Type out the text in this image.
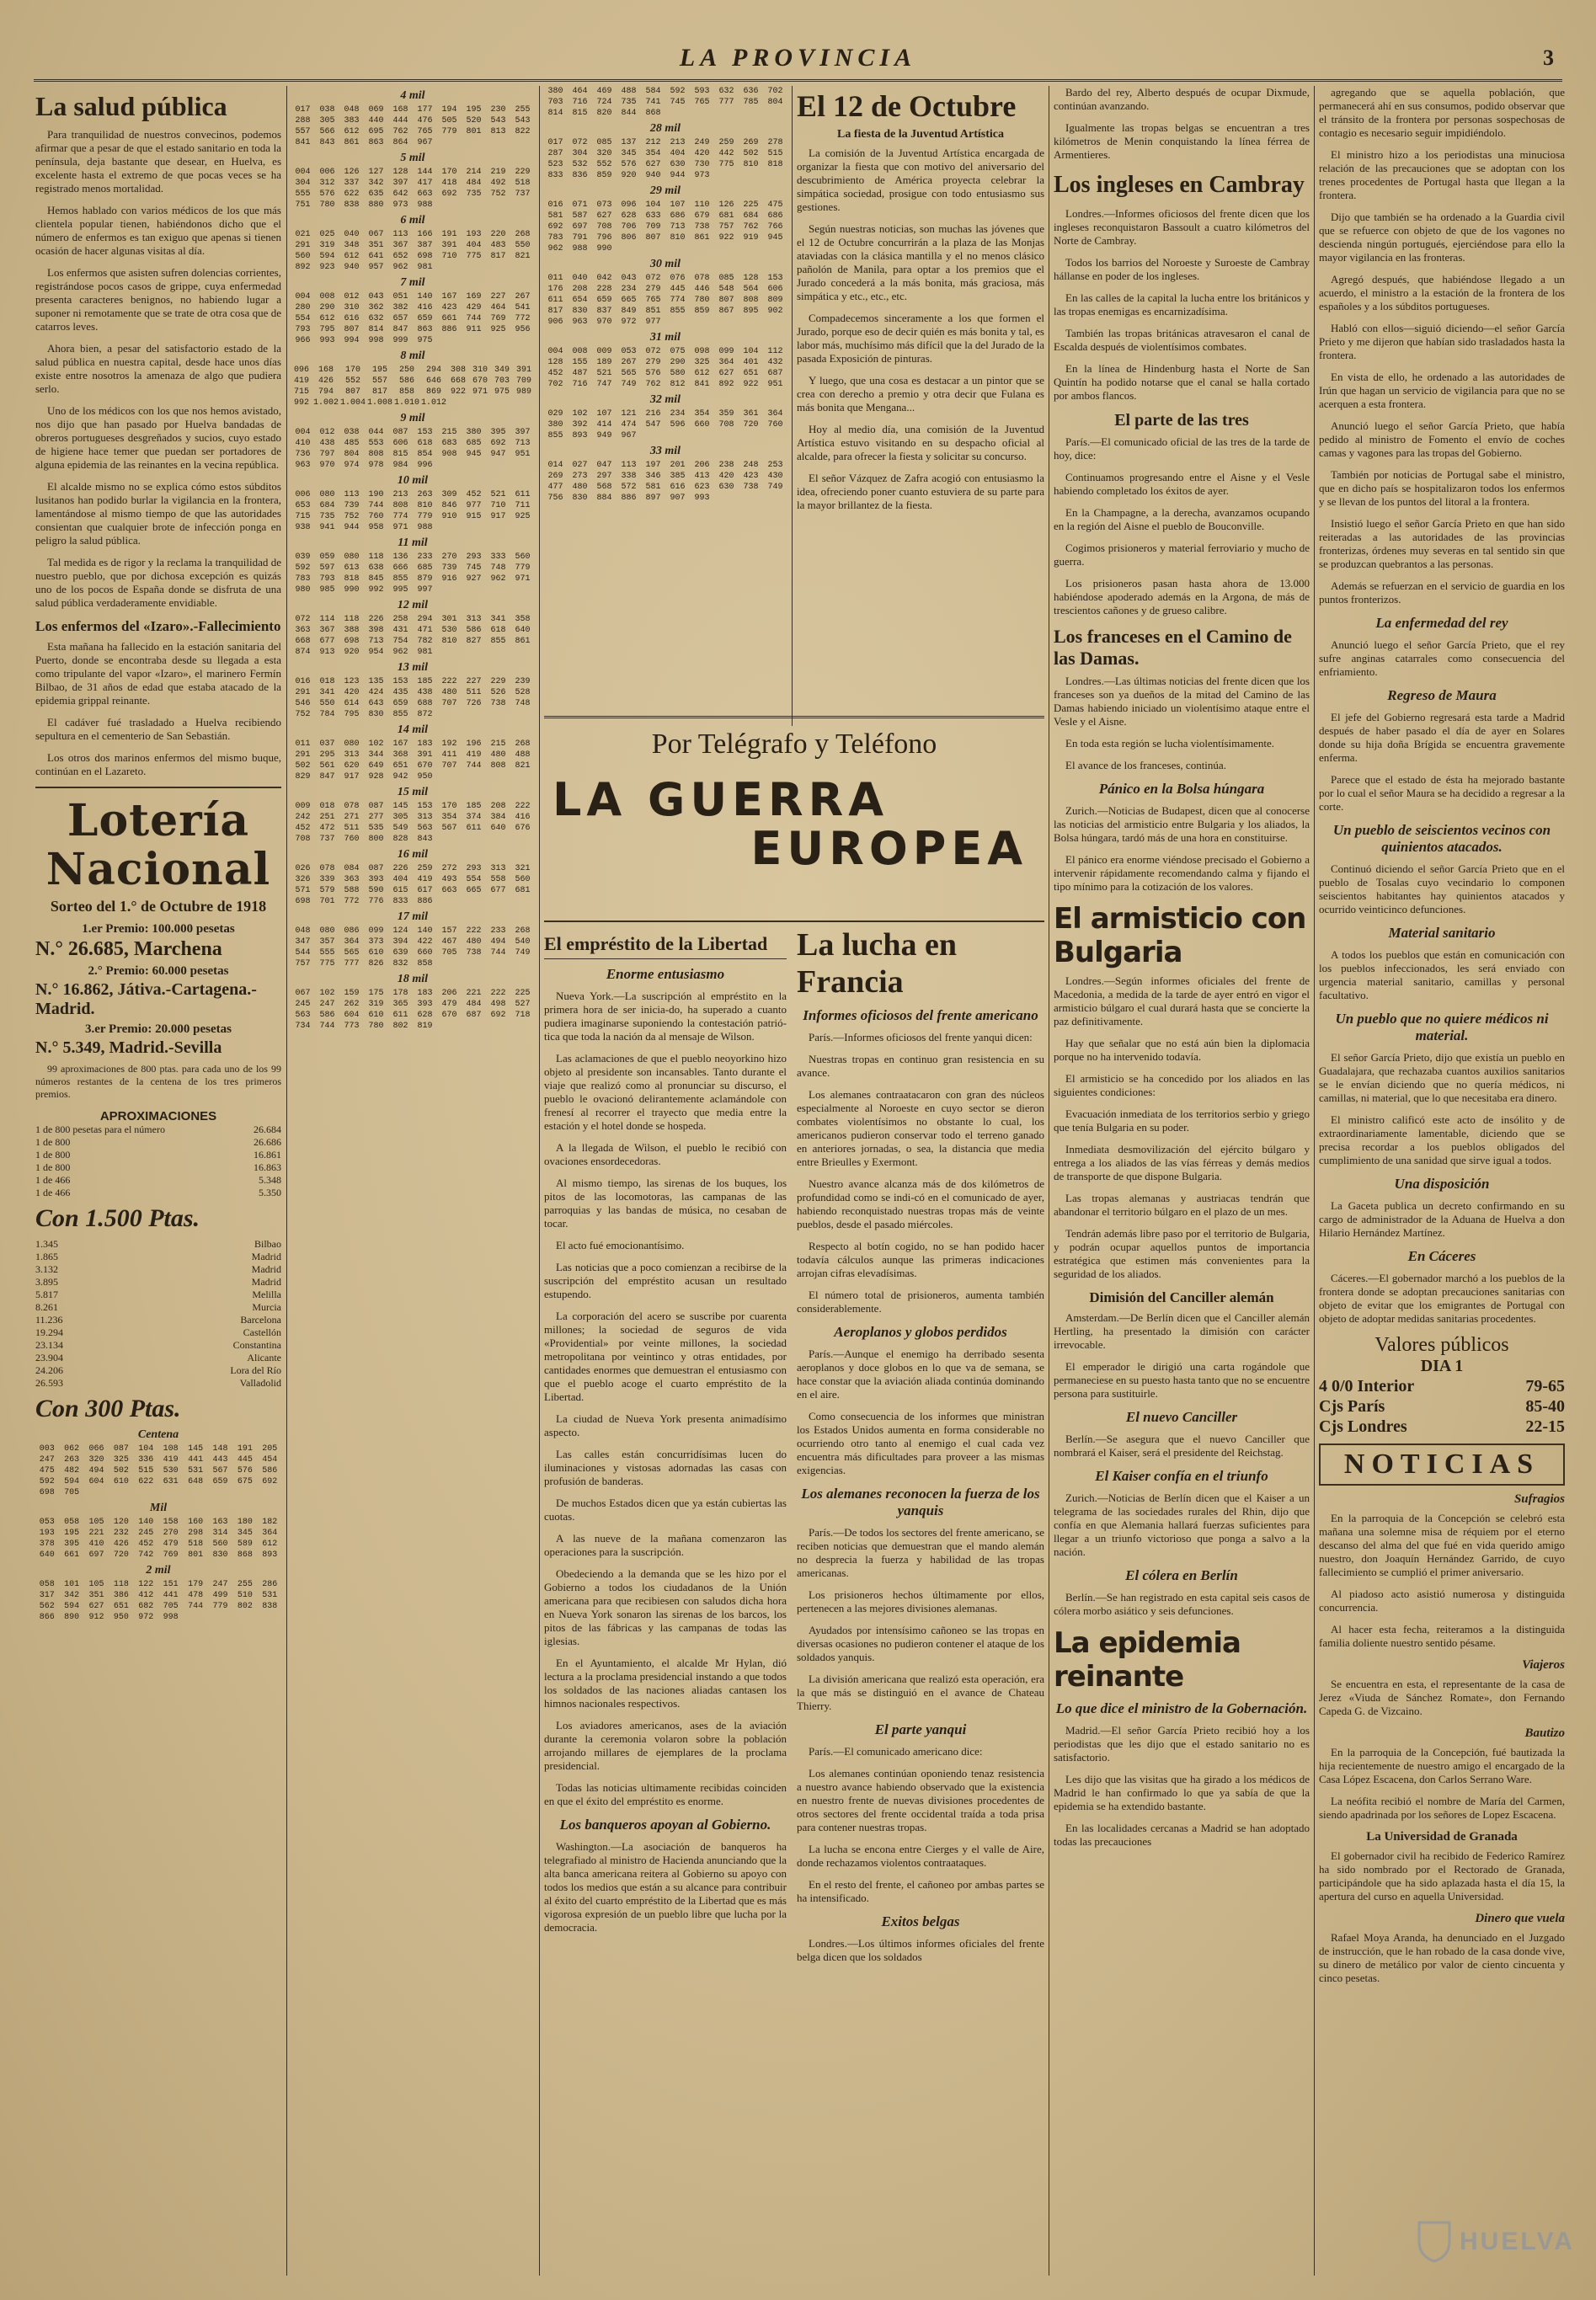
LA PROVINCIA	3
La salud pública

Para tranquilidad de nuestros convecinos, podemos afirmar que a pesar de que el estado sanitario en toda la península, deja bastante que desear, en Huelva, es excelente hasta el extremo de que pocas veces se ha registrado menos mortalidad.

Hemos hablado con varios médicos de los que más clientela popular tienen, habiéndonos dicho que el número de enfermos es tan exiguo que apenas si tienen ocasión de hacer algunas visitas al día.

Los enfermos que asisten sufren dolencias corrientes, registrándose pocos casos de grippe, cuya enfermedad presenta caracteres benignos, no habiendo lugar a suponer ni remotamente que se trate de otra cosa que de catarros leves.

Ahora bien, a pesar del satisfactorio estado de la salud pública en nuestra capital, desde hace unos días existe entre nosotros la amenaza de algo que pudiera serlo.

Uno de los médicos con los que nos hemos avistado, nos dijo que han pasado por Huelva bandadas de obreros portugueses desgreñados y sucios, cuyo estado de higiene hace temer que puedan ser portadores de alguna epidemia de las reinantes en la vecina república.

El alcalde mismo no se explica cómo estos súbditos lusitanos han podido burlar la vigilancia en la frontera, lamentándose al mismo tiempo de que las autoridades consientan que cualquier brote de infección ponga en peligro la salud pública.

Tal medida es de rigor y la reclama la tranquilidad de nuestro pueblo, que por dichosa excepción es quizás uno de los pocos de España donde se disfruta de una salud pública verdaderamente envidiable.

Los enfermos del «Izaro».-Fallecimiento

Esta mañana ha fallecido en la estación sanitaria del Puerto, donde se encontraba desde su llegada a esta como tripulante del vapor «Izaro», el marinero Fermín Bilbao, de 31 años de edad que estaba atacado de la epidemia grippal reinante.

El cadáver fué trasladado a Huelva recibiendo sepultura en el cementerio de San Sebastián.

Los otros dos marinos enfermos del mismo buque, continúan en el Lazareto.

Lotería Nacional
Sorteo del 1.° de Octubre de 1918
1.er Premio: 100.000 pesetas
N.° 26.685, Marchena
2.° Premio: 60.000 pesetas
N.° 16.862, Játiva.-Cartagena.-Madrid.
3.er Premio: 20.000 pesetas
N.° 5.349, Madrid.-Sevilla

99 aproximaciones de 800 ptas. para cada uno de los 99 números restantes de la centena de los tres primeros premios.

APROXIMACIONES
1 de 800 pesetas para el número	26.684
1 de 800	26.686
1 de 800	16.861
1 de 800	16.863
1 de 466	5.348
1 de 466	5.350
Con 1.500 Ptas.
1.345	Bilbao
1.865	Madrid
3.132	Madrid
3.895	Madrid
5.817	Melilla
8.261	Murcia
11.236	Barcelona
19.294	Castellón
23.134	Constantina
23.904	Alicante
24.206	Lora del Río
26.593	Valladolid
Con 300 Ptas.
Centena
003	062	066	087	104	108	145	148	191	205
247	263	320	325	336	419	441	443	445	454
475	482	494	502	515	530	531	567	576	586
592	594	604	610	622	631	648	659	675	692
698	705
Mil
053	058	105	120	140	158	160	163	180	182
193	195	221	232	245	270	298	314	345	364
378	395	410	426	452	479	518	560	589	612
640	661	697	720	742	769	801	830	868	893
2 mil
058	101	105	118	122	151	179	247	255	286
317	342	351	386	412	441	478	499	510	531
562	594	627	651	682	705	744	779	802	838
866	890	912	950	972	998
4 mil
017	038	048	069	168	177	194	195	230	255
288	305	383	440	444	476	505	520	543	543
557	566	612	695	762	765	779	801	813	822
841	843	861	863	864	967
5 mil
004	006	126	127	128	144	170	214	219	229
304	312	337	342	397	417	418	484	492	518
555	576	622	635	642	663	692	735	752	737
751	780	838	880	973	988
6 mil
021	025	040	067	113	166	191	193	220	268
291	319	348	351	367	387	391	404	483	550
560	594	612	641	652	698	710	775	817	821
892	923	940	957	962	981
7 mil
004	008	012	043	051	140	167	169	227	267
280	290	310	362	382	416	423	429	464	541
554	612	616	632	657	659	661	744	769	772
793	795	807	814	847	863	886	911	925	956
966	993	994	998	999	975
8 mil
096	168	170	195	250	294	308 310 349 391
419	426	552	557	586	646	668 670 703 709
715	794	807	817	858	869	922 971 975 989
992 1.002 1.004 1.008 1.010 1.012
9 mil
004	012	038	044	087	153	215	380	395	397
410	438	485	553	606	618	683	685	692	713
736	797	804	808	815	854	908	945	947	951
963	970	974	978	984	996
10 mil
006	080	113	190	213	263	309	452	521	611
653	684	739	744	808	810	846	977	710	711
715	735	752	760	774	779	910	915	917	925
938	941	944	958	971	988
11 mil
039	059	080	118	136	233	270	293	333	560
592	597	613	638	666	685	739	745	748	779
783	793	818	845	855	879	916	927	962	971
980	985	990	992	995	997
12 mil
072	114	118	226	258	294	301	313	341	358
363	367	388	398	431	471	530	586	618	640
668	677	698	713	754	782	810	827	855	861
874	913	920	954	962	981
13 mil
016	018	123	135	153	185	222	227	229	239
291	341	420	424	435	438	480	511	526	528
546	550	614	643	659	688	707	726	738	748
752	784	795	830	855	872
14 mil
011	037	080	102	167	183	192	196	215	268
291	295	313	344	368	391	411	419	480	488
502	561	620	649	651	670	707	744	808	821
829	847	917	928	942	950
15 mil
009	018	078	087	145	153	170	185	208	222
242	251	271	277	305	313	354	374	384	416
452	472	511	535	549	563	567	611	640	676
708	737	760	800	828	843
16 mil
026	078	084	087	226	259	272	293	313	321
326	339	363	393	404	419	493	554	558	560
571	579	588	590	615	617	663	665	677	681
698	701	772	776	833	886
17 mil
048	080	086	099	124	140	157	222	233	268
347	357	364	373	394	422	467	480	494	540
544	555	565	610	639	660	705	738	744	749
757	775	777	826	832	858
18 mil
067	102	159	175	178	183	206	221	222	225
245	247	262	319	365	393	479	484	498	527
563	586	604	610	611	628	670	687	692	718
734	744	773	780	802	819
380	464	469	488	584	592	593	632	636	702
703	716	724	735	741	745	765	777	785	804
814	815	820	844	868
28 mil
017	072	085	137	212	213	249	259	269	278
287	304	320	345	354	404	420	442	502	515
523	532	552	576	627	630	730	775	810	818
833	836	859	920	940	944	973
29 mil
016	071	073	096	104	107	110	126	225	475
581	587	627	628	633	686	679	681	684	686
692	697	708	706	709	713	738	757	762	766
783	791	796	806	807	810	861	922	919	945
962	988	990
30 mil
011	040	042	043	072	076	078	085	128	153
176	208	228	234	279	445	446	548	564	606
611	654	659	665	765	774	780	807	808	809
817	830	837	849	851	855	859	867	895	902
906	963	970	972	977
31 mil
004	008	009	053	072	075	098	099	104	112
128	155	189	267	279	290	325	364	401	432
452	487	521	565	576	580	612	627	651	687
702	716	747	749	762	812	841	892	922	951
32 mil
029	102	107	121	216	234	354	359	361	364
380	392	414	474	547	596	660	708	720	760
855	893	949	967
33 mil
014	027	047	113	197	201	206	238	248	253
269	273	297	338	346	385	413	420	423	430
477	480	568	572	581	616	623	630	738	749
756	830	884	886	897	907	993
Por Telégrafo y Teléfono
LA GUERRA
EUROPEA
El empréstito de la Libertad
Enorme entusiasmo

Nueva York.—La suscripción al empréstito en la primera hora de ser inicia-do, ha superado a cuanto pudiera imaginarse suponiendo la contestación patrió-tica que toda la nación da al mensaje de Wilson.

Las aclamaciones de que el pueblo neoyorkino hizo objeto al presidente son incansables. Tanto durante el viaje que realizó como al pronunciar su discurso, el pueblo le ovacionó delirantemente aclamándole con frenesí al recorrer el trayecto que media entre la estación y el hotel donde se hospeda.

A la llegada de Wilson, el pueblo le recibió con ovaciones ensordecedoras.

Al mismo tiempo, las sirenas de los buques, los pitos de las locomotoras, las campanas de las parroquias y las bandas de música, no cesaban de tocar.

El acto fué emocionantísimo.

Las noticias que a poco comienzan a recibirse de la suscripción del empréstito acusan un resultado estupendo.

La corporación del acero se suscribe por cuarenta millones; la sociedad de seguros de vida «Providential» por veinte millones, la sociedad metropolitana por veintinco y otras entidades, por cantidades enormes que demuestran el entusiasmo con que el pueblo acoge el cuarto empréstito de la Libertad.

La ciudad de Nueva York presenta animadísimo aspecto.

Las calles están concurridísimas lucen do iluminaciones y vistosas adornadas las casas con profusión de banderas.

De muchos Estados dicen que ya están cubiertas las cuotas.

A las nueve de la mañana comenzaron las operaciones para la suscripción.

Obedeciendo a la demanda que se les hizo por el Gobierno a todos los ciudadanos de la Unión americana para que recibiesen con saludos dicha hora en Nueva York sonaron las sirenas de los barcos, los pitos de las fábricas y las campanas de todas las iglesias.

En el Ayuntamiento, el alcalde Mr Hylan, dió lectura a la proclama presidencial instando a que todos los soldados de las naciones aliadas cantasen los himnos nacionales respectivos.

Los aviadores americanos, ases de la aviación durante la ceremonia volaron sobre la población arrojando millares de ejemplares de la proclama presidencial.

Todas las noticias ultimamente recibidas coinciden en que el éxito del empréstito es enorme.

Los banqueros apoyan al Gobierno.

Washington.—La asociación de banqueros ha telegrafiado al ministro de Hacienda anunciando que la alta banca americana reitera al Gobierno su apoyo con todos los medios que están a su alcance para contribuir al éxito del cuarto empréstito de la Libertad que es más vigorosa expresión de un pueblo libre que lucha por la democracia.

El 12 de Octubre
La fiesta de la Juventud Artística

La comisión de la Juventud Artística encargada de organizar la fiesta que con motivo del aniversario del descubrimiento de América proyecta celebrar la simpática sociedad, prosigue con todo entusiasmo sus gestiones.

Según nuestras noticias, son muchas las jóvenes que el 12 de Octubre concurrirán a la plaza de las Monjas ataviadas con la clásica mantilla y el no menos clásico pañolón de Manila, para optar a los premios que el Jurado concederá a la más bonita, más graciosa, más simpática y etc., etc., etc.

Compadecemos sinceramente a los que formen el Jurado, porque eso de decir quién es más bonita y tal, es labor más, muchísimo más difícil que la del Jurado de la pasada Exposición de pinturas.

Y luego, que una cosa es destacar a un pintor que se crea con derecho a premio y otra decir que Fulana es más bonita que Mengana...

Hoy al medio día, una comisión de la Juventud Artística estuvo visitando en su despacho oficial al alcalde, para ofrecer la fiesta y solicitar su concurso.

El señor Vázquez de Zafra acogió con entusiasmo la idea, ofreciendo poner cuanto estuviera de su parte para la mayor brillantez de la fiesta.

La lucha en Francia
Informes oficiosos del frente americano

París.—Informes oficiosos del frente yanqui dicen:

Nuestras tropas en continuo gran resistencia en su avance.

Los alemanes contraatacaron con gran des núcleos especialmente al Noroeste en cuyo sector se dieron combates violentísimos no obstante lo cual, los americanos pudieron conservar todo el terreno ganado en anteriores jornadas, o sea, la distancia que media entre Brieulles y Exermont.

Nuestro avance alcanza más de dos kilómetros de profundidad como se indi-có en el comunicado de ayer, habiendo reconquistado nuestras tropas más de veinte pueblos, desde el pasado miércoles.

Respecto al botín cogido, no se han podido hacer todavía cálculos aunque las primeras indicaciones arrojan cifras elevadísimas.

El número total de prisioneros, aumenta también considerablemente.

Aeroplanos y globos perdidos

París.—Aunque el enemigo ha derribado sesenta aeroplanos y doce globos en lo que va de semana, se hace constar que la aviación aliada continúa dominando en el aire.

Como consecuencia de los informes que ministran los Estados Unidos aumenta en forma considerable no ocurriendo otro tanto al enemigo el cual cada vez encuentra más dificultades para proveer a las mismas exigencias.

Los alemanes reconocen la fuerza de los yanquis

París.—De todos los sectores del frente americano, se reciben noticias que demuestran que el mando alemán no desprecia la fuerza y habilidad de las tropas americanas.

Los prisioneros hechos últimamente por ellos, pertenecen a las mejores divisiones alemanas.

Ayudados por intensísimo cañoneo se las tropas en diversas ocasiones no pudieron contener el ataque de los soldados yanquis.

La división americana que realizó esta operación, era la que más se distinguió en el avance de Chateau Thierry.

El parte yanqui

París.—El comunicado americano dice:

Los alemanes continúan oponiendo tenaz resistencia a nuestro avance habiendo observado que la existencia en nuestro frente de nuevas divisiones procedentes de otros sectores del frente occidental traída a toda prisa para contener nuestras tropas.

La lucha se encona entre Cierges y el valle de Aire, donde rechazamos violentos contraataques.

En el resto del frente, el cañoneo por ambas partes se ha intensificado.

Exitos belgas

Londres.—Los últimos informes oficiales del frente belga dicen que los soldados

Bardo del rey, Alberto después de ocupar Dixmude, continúan avanzando.

Igualmente las tropas belgas se encuentran a tres kilómetros de Menin conquistando la línea férrea de Armentieres.

Los ingleses en Cambray

Londres.—Informes oficiosos del frente dicen que los ingleses reconquistaron Bassoult a cuatro kilómetros del Norte de Cambray.

Todos los barrios del Noroeste y Suroeste de Cambray hállanse en poder de los ingleses.

En las calles de la capital la lucha entre los británicos y las tropas enemigas es encarnizadísima.

También las tropas británicas atravesaron el canal de Escalda después de violentísimos combates.

En la línea de Hindenburg hasta el Norte de San Quintín ha podido notarse que el canal se halla cortado por ambos flancos.

El parte de las tres

París.—El comunicado oficial de las tres de la tarde de hoy, dice:

Continuamos progresando entre el Aisne y el Vesle habiendo completado los éxitos de ayer.

En la Champagne, a la derecha, avanzamos ocupando en la región del Aisne el pueblo de Bouconville.

Cogimos prisioneros y material ferroviario y mucho de guerra.

Los prisioneros pasan hasta ahora de 13.000 habiéndose apoderado además en la Argona, de más de trescientos cañones y de grueso calibre.

Los franceses en el Camino de las Damas.

Londres.—Las últimas noticias del frente dicen que los franceses son ya dueños de la mitad del Camino de las Damas habiendo iniciado un violentísimo ataque entre el Vesle y el Aisne.

En toda esta región se lucha violentísimamente.

El avance de los franceses, continúa.

Pánico en la Bolsa húngara

Zurich.—Noticias de Budapest, dicen que al conocerse las noticias del armisticio entre Bulgaria y los aliados, la Bolsa húngara, tardó más de una hora en constituirse.

El pánico era enorme viéndose precisado el Gobierno a intervenir rápidamente recomendando calma y fijando el tipo mínimo para la cotización de los valores.

El armisticio con Bulgaria

Londres.—Según informes oficiales del frente de Macedonia, a medida de la tarde de ayer entró en vigor el armisticio búlgaro el cual durará hasta que se concierte la paz definitivamente.

Hay que señalar que no está aún bien la diplomacia porque no ha intervenido todavía.

El armisticio se ha concedido por los aliados en las siguientes condiciones:

Evacuación inmediata de los territorios serbio y griego que tenía Bulgaria en su poder.

Inmediata desmovilización del ejército búlgaro y entrega a los aliados de las vías férreas y demás medios de transporte de que dispone Bulgaria.

Las tropas alemanas y austriacas tendrán que abandonar el territorio búlgaro en el plazo de un mes.

Tendrán además libre paso por el territorio de Bulgaria, y podrán ocupar aquellos puntos de importancia estratégica que estimen más convenientes para la seguridad de los aliados.

Dimisión del Canciller alemán

Amsterdam.—De Berlín dicen que el Canciller alemán Hertling, ha presentado la dimisión con carácter irrevocable.

El emperador le dirigió una carta rogándole que permaneciese en su puesto hasta tanto que no se encuentre persona para sustituirle.

El nuevo Canciller

Berlín.—Se asegura que el nuevo Canciller que nombrará el Kaiser, será el presidente del Reichstag.

El Kaiser confía en el triunfo

Zurich.—Noticias de Berlín dicen que el Kaiser a un telegrama de las sociedades rurales del Rhin, dijo que confía en que Alemania hallará fuerzas suficientes para llegar a un triunfo victorioso que ponga a salvo a la nación.

El cólera en Berlín

Berlín.—Se han registrado en esta capital seis casos de cólera morbo asiático y seis defunciones.

La epidemia reinante
Lo que dice el ministro de la Gobernación.

Madrid.—El señor García Prieto recibió hoy a los periodistas que les dijo que el estado sanitario no es satisfactorio.

Les dijo que las visitas que ha girado a los médicos de Madrid le han confirmado lo que ya sabía de que la epidemia se ha extendido bastante.

En las localidades cercanas a Madrid se han adoptado todas las precauciones

agregando que se aquella población, que permanecerá ahí en sus consumos, podido observar que el tránsito de la frontera por personas sospechosas de contagio es necesario seguir impidiéndolo.

El ministro hizo a los periodistas una minuciosa relación de las precauciones que se adoptan con los trenes procedentes de Portugal hasta que llegan a la frontera.

Dijo que también se ha ordenado a la Guardia civil que se refuerce con objeto de que de los vagones no descienda ningún portugués, ejerciéndose para ello la mayor vigilancia en las fronteras.

Agregó después, que habiéndose llegado a un acuerdo, el ministro a la estación de la frontera de los españoles y a los súbditos portugueses.

Habló con ellos—siguió diciendo—el señor García Prieto y me dijeron que habían sido trasladados hasta la frontera.

En vista de ello, he ordenado a las autoridades de Irún que hagan un servicio de vigilancia para que no se acerquen a esta frontera.

Anunció luego el señor García Prieto, que había pedido al ministro de Fomento el envío de coches camas y vagones para las tropas del Gobierno.

También por noticias de Portugal sabe el ministro, que en dicho país se hospitalizaron todos los enfermos y se llevan de los puntos del litoral a la frontera.

Insistió luego el señor García Prieto en que han sido reiteradas a las autoridades de las provincias fronterizas, órdenes muy severas en tal sentido sin que se produzcan quebrantos a las personas.

Además se refuerzan en el servicio de guardia en los puntos fronterizos.

La enfermedad del rey

Anunció luego el señor García Prieto, que el rey sufre anginas catarrales como consecuencia del enfriamiento.

Regreso de Maura

El jefe del Gobierno regresará esta tarde a Madrid después de haber pasado el día de ayer en Solares donde su hija doña Brígida se encuentra gravemente enferma.

Parece que el estado de ésta ha mejorado bastante por lo cual el señor Maura se ha decidido a regresar a la corte.

Un pueblo de seiscientos vecinos con quinientos atacados.

Continuó diciendo el señor García Prieto que en el pueblo de Tosalas cuyo vecindario lo componen seiscientos habitantes hay quinientos atacados y ocurrido veinticinco defunciones.

Material sanitario

A todos los pueblos que están en comunicación con los pueblos infeccionados, les será enviado con urgencia material sanitario, camillas y personal facultativo.

Un pueblo que no quiere médicos ni material.

El señor García Prieto, dijo que existía un pueblo en Guadalajara, que rechazaba cuantos auxilios sanitarios se le envían diciendo que no quería médicos, ni camillas, ni material, que lo que necesitaba era dinero.

El ministro calificó este acto de insólito y de extraordinariamente lamentable, diciendo que se precisa recordar a los pueblos obligados del cumplimiento de una sanidad que sirve igual a todos.

Una disposición

La Gaceta publica un decreto confirmando en su cargo de administrador de la Aduana de Huelva a don Hilario Hernández Martínez.

En Cáceres

Cáceres.—El gobernador marchó a los pueblos de la frontera donde se adoptan precauciones sanitarias con objeto de evitar que los emigrantes de Portugal con objeto de adoptar medidas sanitarias procedentes.

Valores públicos
DIA 1
4 0/0 Interior	79-65
Cjs París	85-40
Cjs Londres	22-15
NOTICIAS
Sufragios

En la parroquia de la Concepción se celebró esta mañana una solemne misa de réquiem por el eterno descanso del alma del que fué en vida querido amigo nuestro, don Joaquín Hernández Garrido, de cuyo fallecimiento se cumplió el primer aniversario.

Al piadoso acto asistió numerosa y distinguida concurrencia.

Al hacer esta fecha, reiteramos a la distinguida familia doliente nuestro sentido pésame.

Viajeros

Se encuentra en esta, el representante de la casa de Jerez «Viuda de Sánchez Romate», don Fernando Capeda G. de Vizcaino.

Bautizo

En la parroquia de la Concepción, fué bautizada la hija recientemente de nuestro amigo el encargado de la Casa López Escacena, don Carlos Serrano Ware.

La neófita recibió el nombre de María del Carmen, siendo apadrinada por los señores de Lopez Escacena.

La Universidad de Granada

El gobernador civil ha recibido de Federico Ramírez ha sido nombrado por el Rectorado de Granada, participándole que ha sido aplazada hasta el día 15, la apertura del curso en aquella Universidad.

Dinero que vuela

Rafael Moya Aranda, ha denunciado en el Juzgado de instrucción, que le han robado de la casa donde vive, su dinero de metálico por valor de ciento cincuenta y cinco pesetas.

HUELVA
